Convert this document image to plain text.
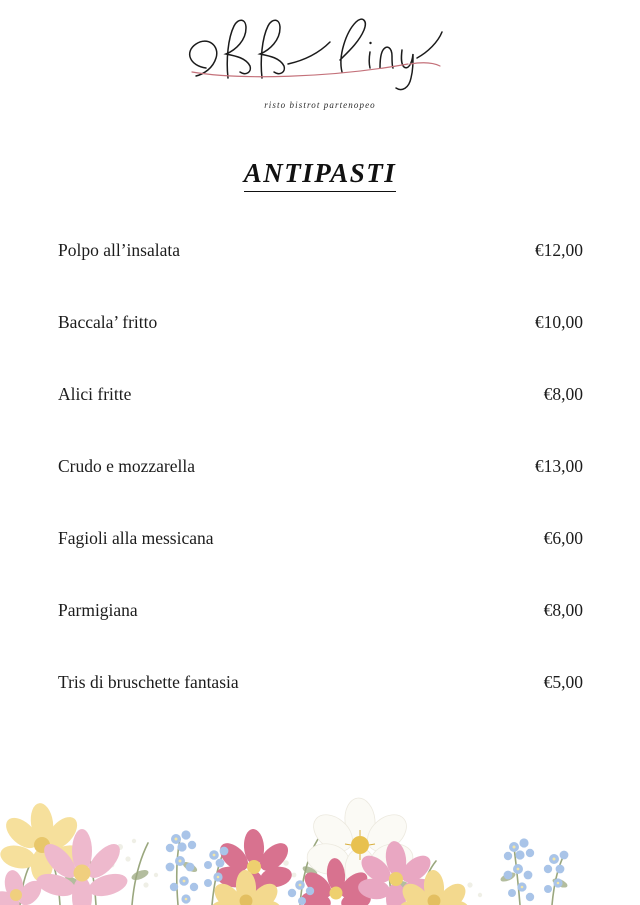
risto bistrot partenopeo
ANTIPASTI
Polpo all’insalata	€12,00
Baccala’ fritto	€10,00
Alici fritte	€8,00
Crudo e mozzarella	€13,00
Fagioli alla messicana	€6,00
Parmigiana	€8,00
Tris di bruschette fantasia	€5,00
